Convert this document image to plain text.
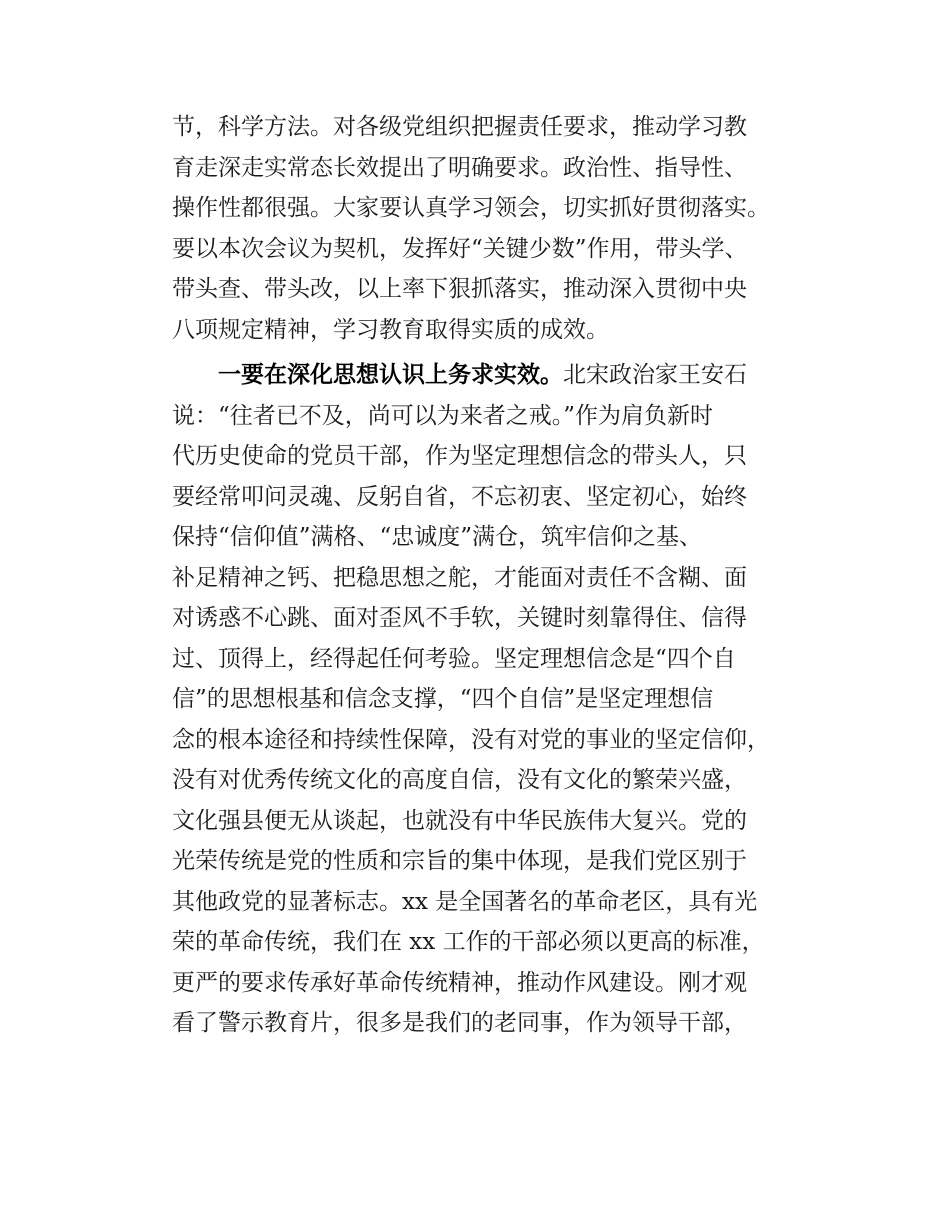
节，科学方法。对各级党组织把握责任要求，推动学习教
育走深走实常态长效提出了明确要求。政治性、指导性、
操作性都很强。大家要认真学习领会，切实抓好贯彻落实。
要以本次会议为契机，发挥好“关键少数”作用，带头学、
带头查、带头改，以上率下狠抓落实，推动深入贯彻中央
八项规定精神，学习教育取得实质的成效。
一要在深化思想认识上务求实效。北宋政治家王安石
说：“往者已不及，尚可以为来者之戒。”作为肩负新时
代历史使命的党员干部，作为坚定理想信念的带头人，只
要经常叩问灵魂、反躬自省，不忘初衷、坚定初心，始终
保持“信仰值”满格、“忠诚度”满仓，筑牢信仰之基、
补足精神之钙、把稳思想之舵，才能面对责任不含糊、面
对诱惑不心跳、面对歪风不手软，关键时刻靠得住、信得
过、顶得上，经得起任何考验。坚定理想信念是“四个自
信”的思想根基和信念支撑，“四个自信”是坚定理想信
念的根本途径和持续性保障，没有对党的事业的坚定信仰，
没有对优秀传统文化的高度自信，没有文化的繁荣兴盛，
文化强县便无从谈起，也就没有中华民族伟大复兴。党的
光荣传统是党的性质和宗旨的集中体现，是我们党区别于
其他政党的显著标志。xx 是全国著名的革命老区，具有光
荣的革命传统，我们在 xx 工作的干部必须以更高的标准，
更严的要求传承好革命传统精神，推动作风建设。刚才观
看了警示教育片，很多是我们的老同事，作为领导干部，
